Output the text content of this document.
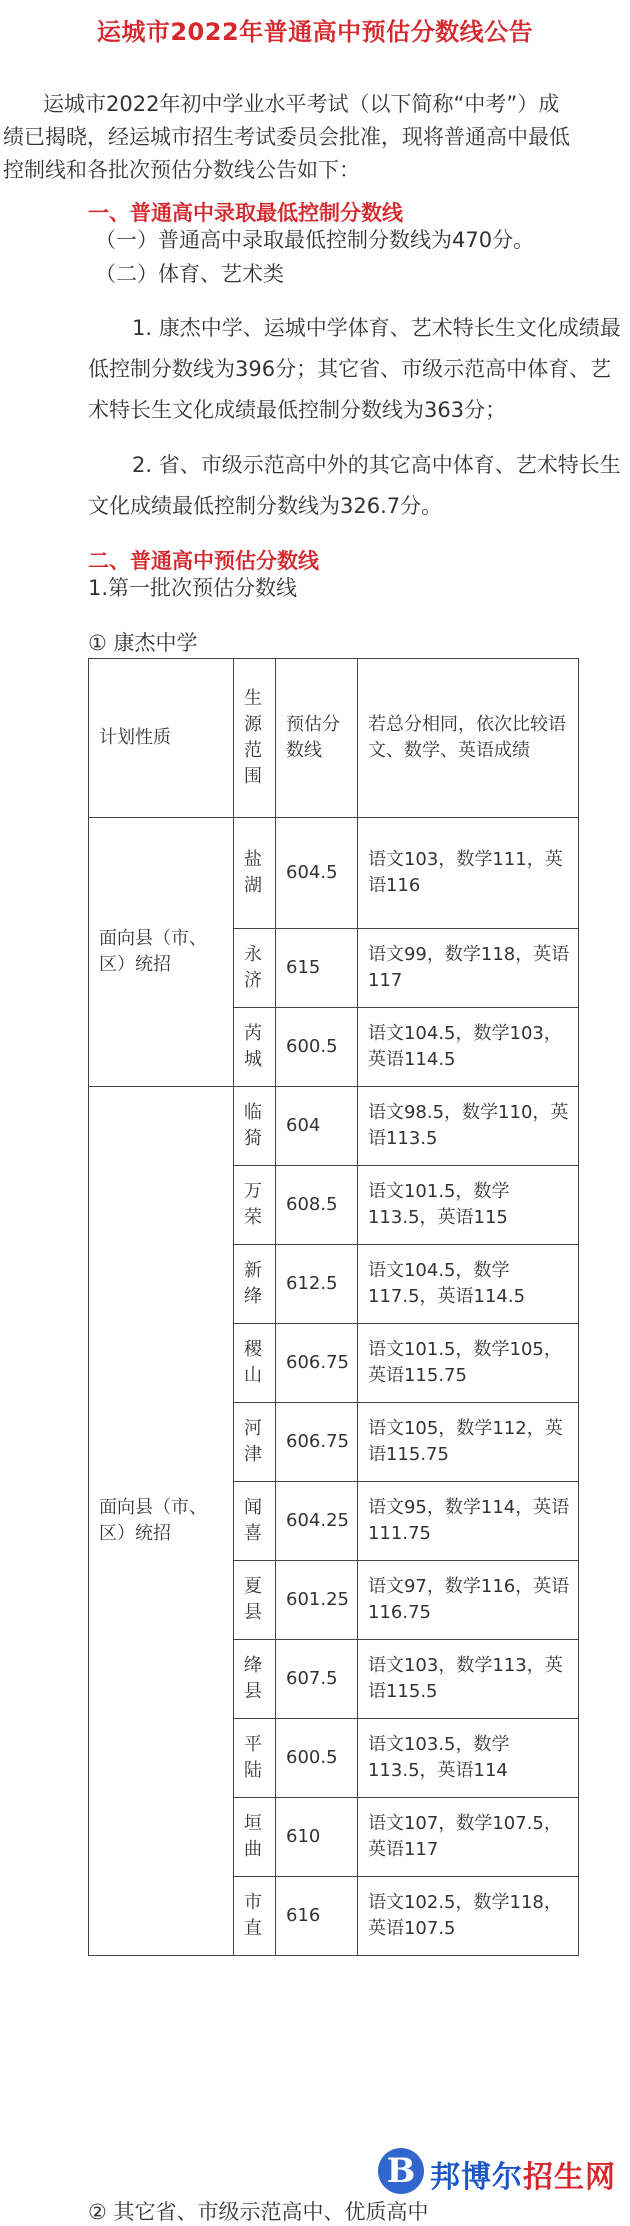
运城市2022年普通高中预估分数线公告

运城市2022年初中学业水平考试（以下简称“中考”）成绩已揭晓，经运城市招生考试委员会批准，现将普通高中最低控制线和各批次预估分数线公告如下：

一、普通高中录取最低控制分数线
（一）普通高中录取最低控制分数线为470分。
（二）体育、艺术类

1. 康杰中学、运城中学体育、艺术特长生文化成绩最低控制分数线为396分；其它省、市级示范高中体育、艺术特长生文化成绩最低控制分数线为363分；

2. 省、市级示范高中外的其它高中体育、艺术特长生文化成绩最低控制分数线为326.7分。

二、普通高中预估分数线
1.第一批次预估分数线
① 康杰中学
计划性质	生源范围	预估分数线	若总分相同，依次比较语文、数学、英语成绩
面向县（市、区）统招	盐湖	604.5	语文103，数学111，英语116
	永济	615	语文99，数学118，英语117
	芮城	600.5	语文104.5，数学103，英语114.5
面向县（市、区）统招	临猗	604	语文98.5，数学110，英语113.5
	万荣	608.5	语文101.5，数学113.5，英语115
	新绛	612.5	语文104.5，数学117.5，英语114.5
	稷山	606.75	语文101.5，数学105，英语115.75
	河津	606.75	语文105，数学112，英语115.75
	闻喜	604.25	语文95，数学114，英语111.75
	夏县	601.25	语文97，数学116，英语116.75
	绛县	607.5	语文103，数学113，英语115.5
	平陆	600.5	语文103.5，数学113.5，英语114
	垣曲	610	语文107，数学107.5，英语117
	市直	616	语文102.5，数学118，英语107.5
② 其它省、市级示范高中、优质高中
B 邦博尔招生网
